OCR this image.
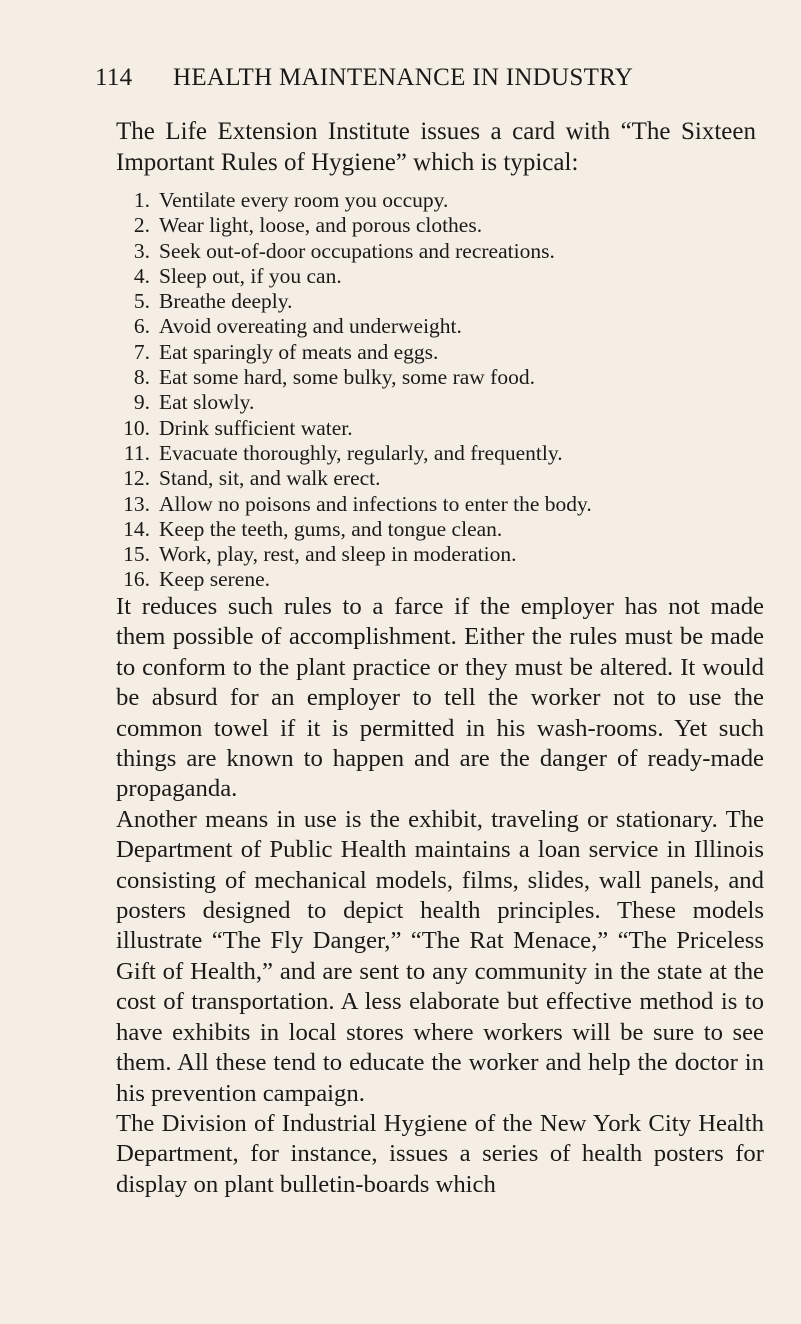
114 HEALTH MAINTENANCE IN INDUSTRY

The Life Extension Institute issues a card with “The Sixteen Important Rules of Hygiene” which is typical:

1. Ventilate every room you occupy.
2. Wear light, loose, and porous clothes.
3. Seek out-of-door occupations and recreations.
4. Sleep out, if you can.
5. Breathe deeply.
6. Avoid overeating and underweight.
7. Eat sparingly of meats and eggs.
8. Eat some hard, some bulky, some raw food.
9. Eat slowly.
10. Drink sufficient water.
11. Evacuate thoroughly, regularly, and frequently.
12. Stand, sit, and walk erect.
13. Allow no poisons and infections to enter the body.
14. Keep the teeth, gums, and tongue clean.
15. Work, play, rest, and sleep in moderation.
16. Keep serene.

It reduces such rules to a farce if the employer has not made them possible of accomplishment. Either the rules must be made to conform to the plant practice or they must be altered. It would be absurd for an employer to tell the worker not to use the common towel if it is permitted in his wash-rooms. Yet such things are known to happen and are the danger of ready-made propaganda.

Another means in use is the exhibit, traveling or stationary. The Department of Public Health maintains a loan service in Illinois consisting of mechanical models, films, slides, wall panels, and posters designed to depict health principles. These models illustrate “The Fly Danger,” “The Rat Menace,” “The Priceless Gift of Health,” and are sent to any community in the state at the cost of transportation. A less elaborate but effective method is to have exhibits in local stores where workers will be sure to see them. All these tend to educate the worker and help the doctor in his prevention campaign.

The Division of Industrial Hygiene of the New York City Health Department, for instance, issues a series of health posters for display on plant bulletin-boards which
